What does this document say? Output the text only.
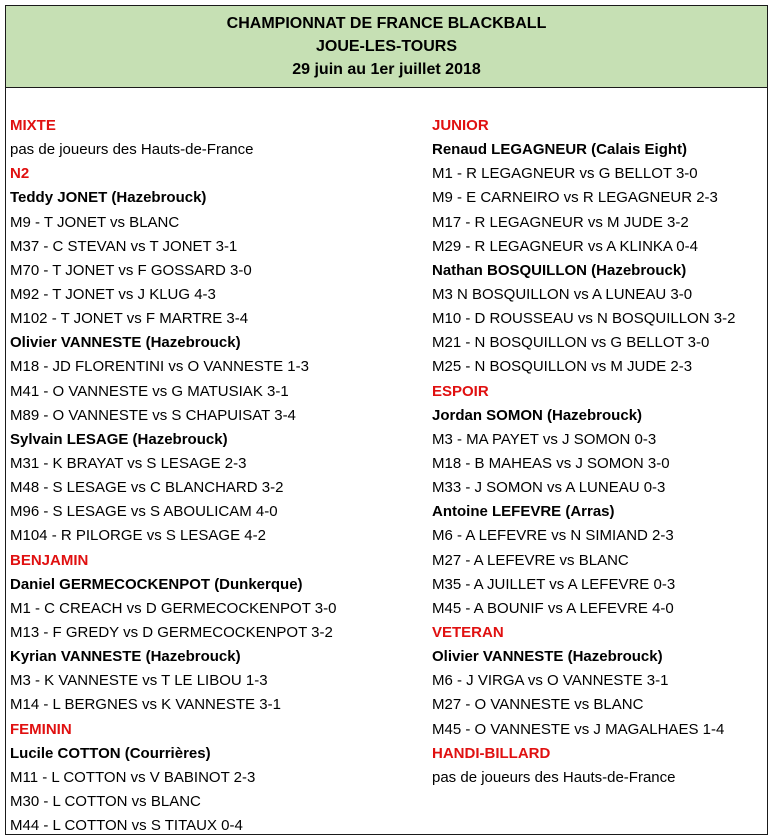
CHAMPIONNAT DE FRANCE BLACKBALL
JOUE-LES-TOURS
29 juin au 1er juillet 2018
MIXTE
pas de joueurs des Hauts-de-France
N2
Teddy JONET (Hazebrouck)
M9 - T JONET vs BLANC
M37 - C STEVAN vs T JONET 3-1
M70 - T JONET vs F GOSSARD 3-0
M92 - T JONET vs J KLUG 4-3
M102 - T JONET vs F MARTRE 3-4
Olivier VANNESTE (Hazebrouck)
M18 - JD FLORENTINI vs O VANNESTE 1-3
M41 - O VANNESTE vs G MATUSIAK 3-1
M89 - O VANNESTE vs S CHAPUISAT 3-4
Sylvain LESAGE (Hazebrouck)
M31 - K BRAYAT vs S LESAGE 2-3
M48 - S LESAGE vs C BLANCHARD 3-2
M96 - S LESAGE vs S ABOULICAM 4-0
M104 - R PILORGE vs S LESAGE 4-2
BENJAMIN
Daniel GERMECOCKENPOT (Dunkerque)
M1 - C CREACH vs D GERMECOCKENPOT 3-0
M13 - F GREDY vs D GERMECOCKENPOT 3-2
Kyrian VANNESTE (Hazebrouck)
M3 - K VANNESTE vs T LE LIBOU 1-3
M14 - L BERGNES vs K VANNESTE 3-1
FEMININ
Lucile COTTON (Courrières)
M11 - L COTTON vs V BABINOT 2-3
M30 - L COTTON vs BLANC
M44 - L COTTON vs S TITAUX 0-4
JUNIOR
Renaud LEGAGNEUR (Calais Eight)
M1 - R LEGAGNEUR vs G BELLOT 3-0
M9 - E CARNEIRO vs R LEGAGNEUR 2-3
M17 - R LEGAGNEUR vs M JUDE 3-2
M29 - R LEGAGNEUR vs A KLINKA 0-4
Nathan BOSQUILLON (Hazebrouck)
M3 N BOSQUILLON vs A LUNEAU 3-0
M10 - D ROUSSEAU vs N BOSQUILLON 3-2
M21 - N BOSQUILLON vs G BELLOT 3-0
M25 - N BOSQUILLON vs M JUDE 2-3
ESPOIR
Jordan SOMON (Hazebrouck)
M3 - MA PAYET vs J SOMON 0-3
M18 - B MAHEAS vs J SOMON 3-0
M33 - J SOMON vs A LUNEAU 0-3
Antoine LEFEVRE (Arras)
M6 - A LEFEVRE vs N SIMIAND 2-3
M27 - A LEFEVRE vs BLANC
M35 - A JUILLET vs A LEFEVRE 0-3
M45 - A BOUNIF vs A LEFEVRE 4-0
VETERAN
Olivier VANNESTE (Hazebrouck)
M6 - J VIRGA vs O VANNESTE 3-1
M27 - O VANNESTE vs BLANC
M45 - O VANNESTE vs J MAGALHAES 1-4
HANDI-BILLARD
pas de joueurs des Hauts-de-France
